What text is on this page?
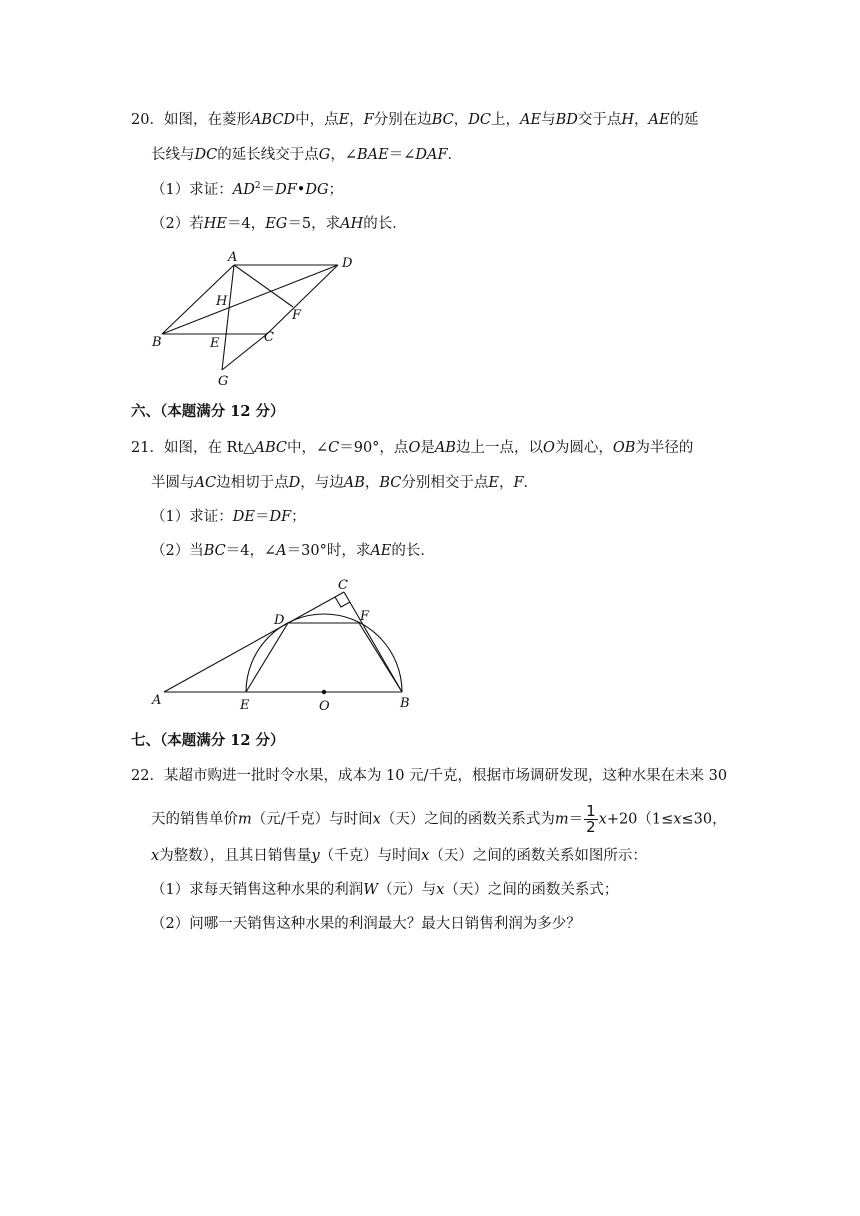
20．如图，在菱形ABCD中，点E，F分别在边BC，DC上，AE与BD交于点H，AE的延
长线与DC的延长线交于点G，∠BAE＝∠DAF．
（1）求证：$AD^2=DF•DG$；
（2）若HE＝4，EG＝5，求AH的长．
A	D
H
F
B	E	C
G
六、（本题满分 12 分）
21．如图，在 Rt△ABC中，∠C＝90°，点O是AB边上一点，以O为圆心，OB为半径的
半圆与AC边相切于点D，与边AB，BC分别相交于点E，F．
（1）求证：DE＝DF；
（2）当BC＝4，∠A＝30°时，求AE的长．
C
D	F
A	E	O	B
七、（本题满分 12 分）
22．某超市购进一批时令水果，成本为 10 元/千克，根据市场调研发现，这种水果在未来 30
天的销售单价m（元/千克）与时间x（天）之间的函数关系式为$m= \frac{1}{2} x+20(1\le x\le 30$，
x为整数），且其日销售量y（千克）与时间x（天）之间的函数关系如图所示：
（1）求每天销售这种水果的利润W（元）与x（天）之间的函数关系式；
（2）问哪一天销售这种水果的利润最大？最大日销售利润为多少？
